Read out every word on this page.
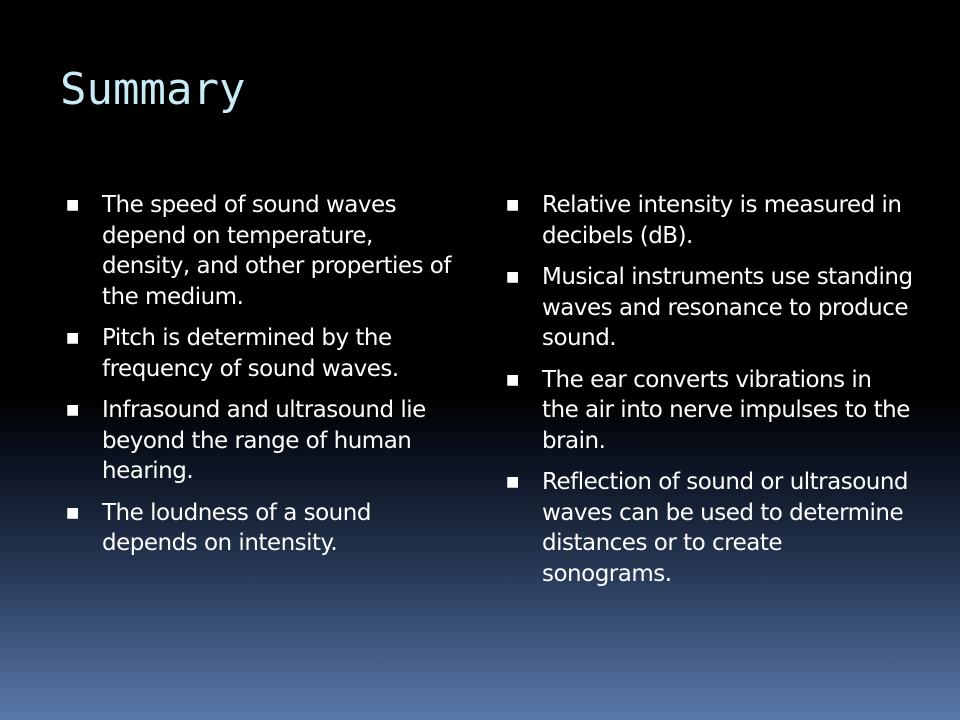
Summary
■ The speed of sound waves depend on temperature, density, and other properties of the medium.
■ Pitch is determined by the frequency of sound waves.
■ Infrasound and ultrasound lie beyond the range of human hearing.
■ The loudness of a sound depends on intensity.
■ Relative intensity is measured in decibels (dB).
■ Musical instruments use standing waves and resonance to produce sound.
■ The ear converts vibrations in the air into nerve impulses to the brain.
■ Reflection of sound or ultrasound waves can be used to determine distances or to create sonograms.
